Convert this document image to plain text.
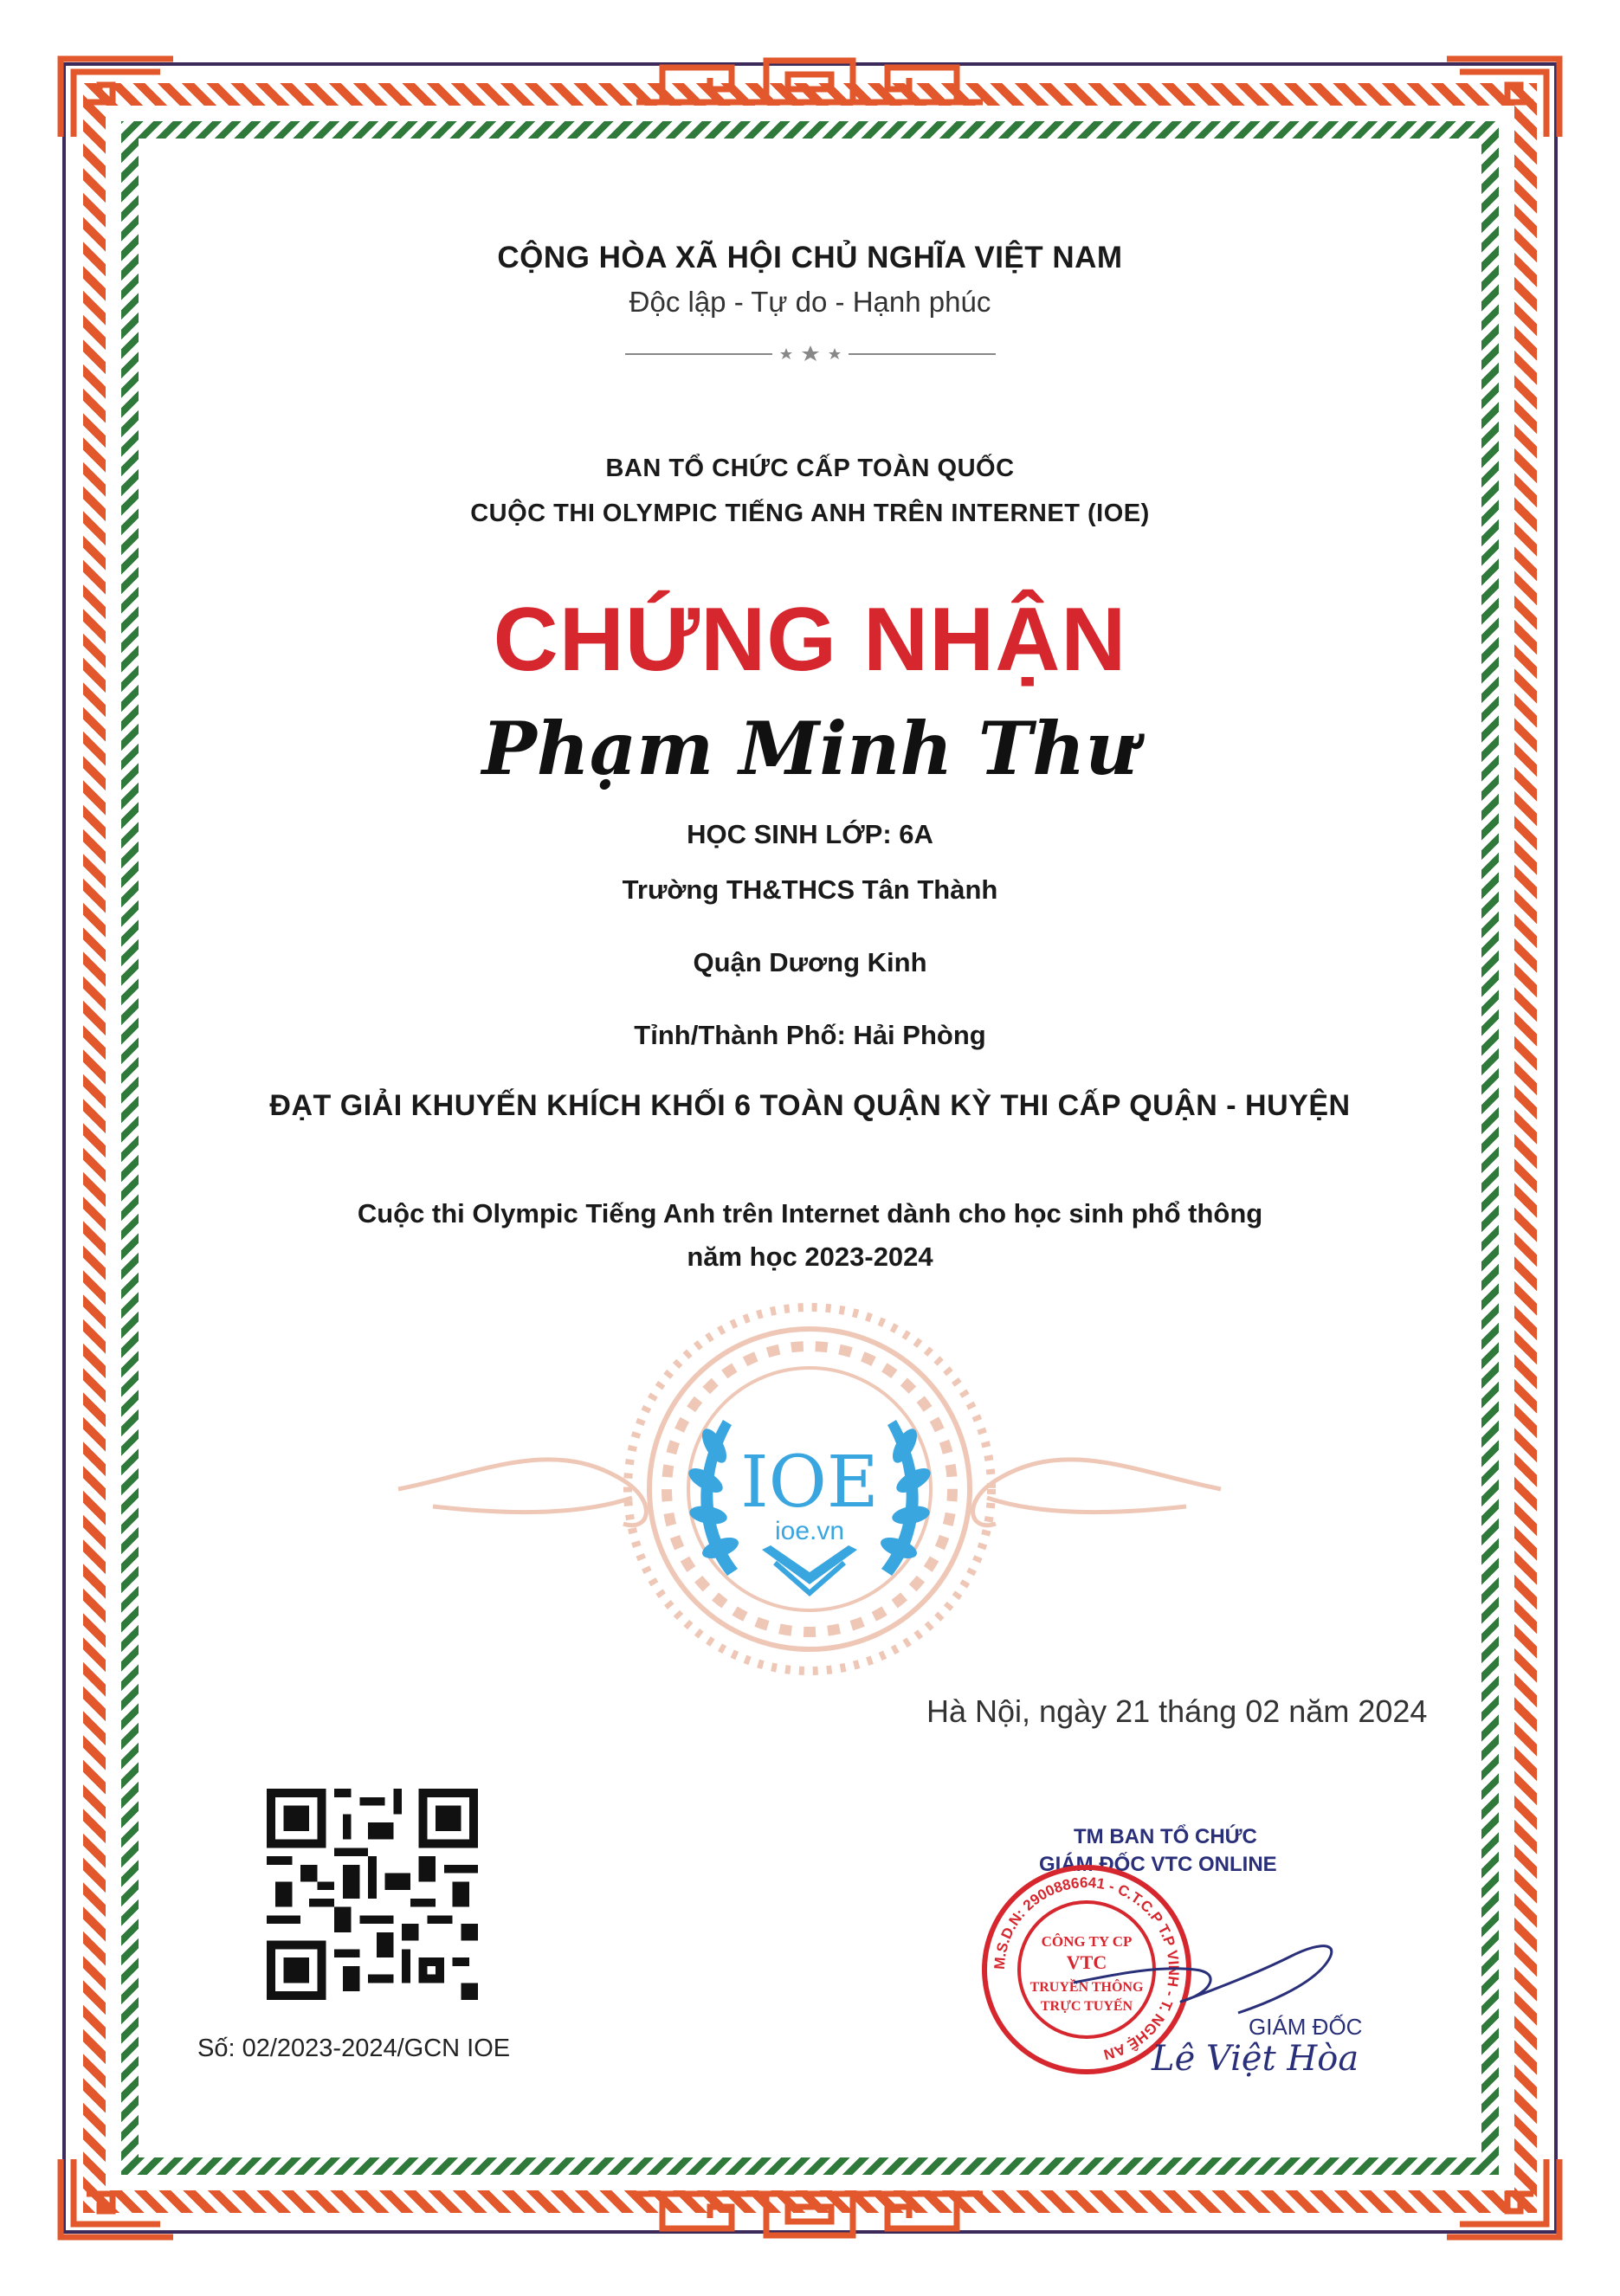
CỘNG HÒA XÃ HỘI CHỦ NGHĨA VIỆT NAM
Độc lập - Tự do - Hạnh phúc
BAN TỔ CHỨC CẤP TOÀN QUỐC
CUỘC THI OLYMPIC TIẾNG ANH TRÊN INTERNET (IOE)
CHỨNG NHẬN
Phạm Minh Thư
HỌC SINH LỚP: 6A
Trường TH&THCS Tân Thành
Quận Dương Kinh
Tỉnh/Thành Phố: Hải Phòng
ĐẠT GIẢI KHUYẾN KHÍCH KHỐI 6 TOÀN QUẬN KỲ THI CẤP QUẬN - HUYỆN
Cuộc thi Olympic Tiếng Anh trên Internet dành cho học sinh phổ thông
năm học 2023-2024
IOE
ioe.vn
Hà Nội, ngày 21 tháng 02 năm 2024
Số: 02/2023-2024/GCN IOE
TM BAN TỔ CHỨC
GIÁM ĐỐC VTC ONLINE
M.S.D.N: 2900886641 - C.T.C.P T.P VINH - T. NGHỆ AN
CÔNG TY CP
VTC
TRUYỀN THÔNG
TRỰC TUYẾN
GIÁM ĐỐC
Lê Việt Hòa
